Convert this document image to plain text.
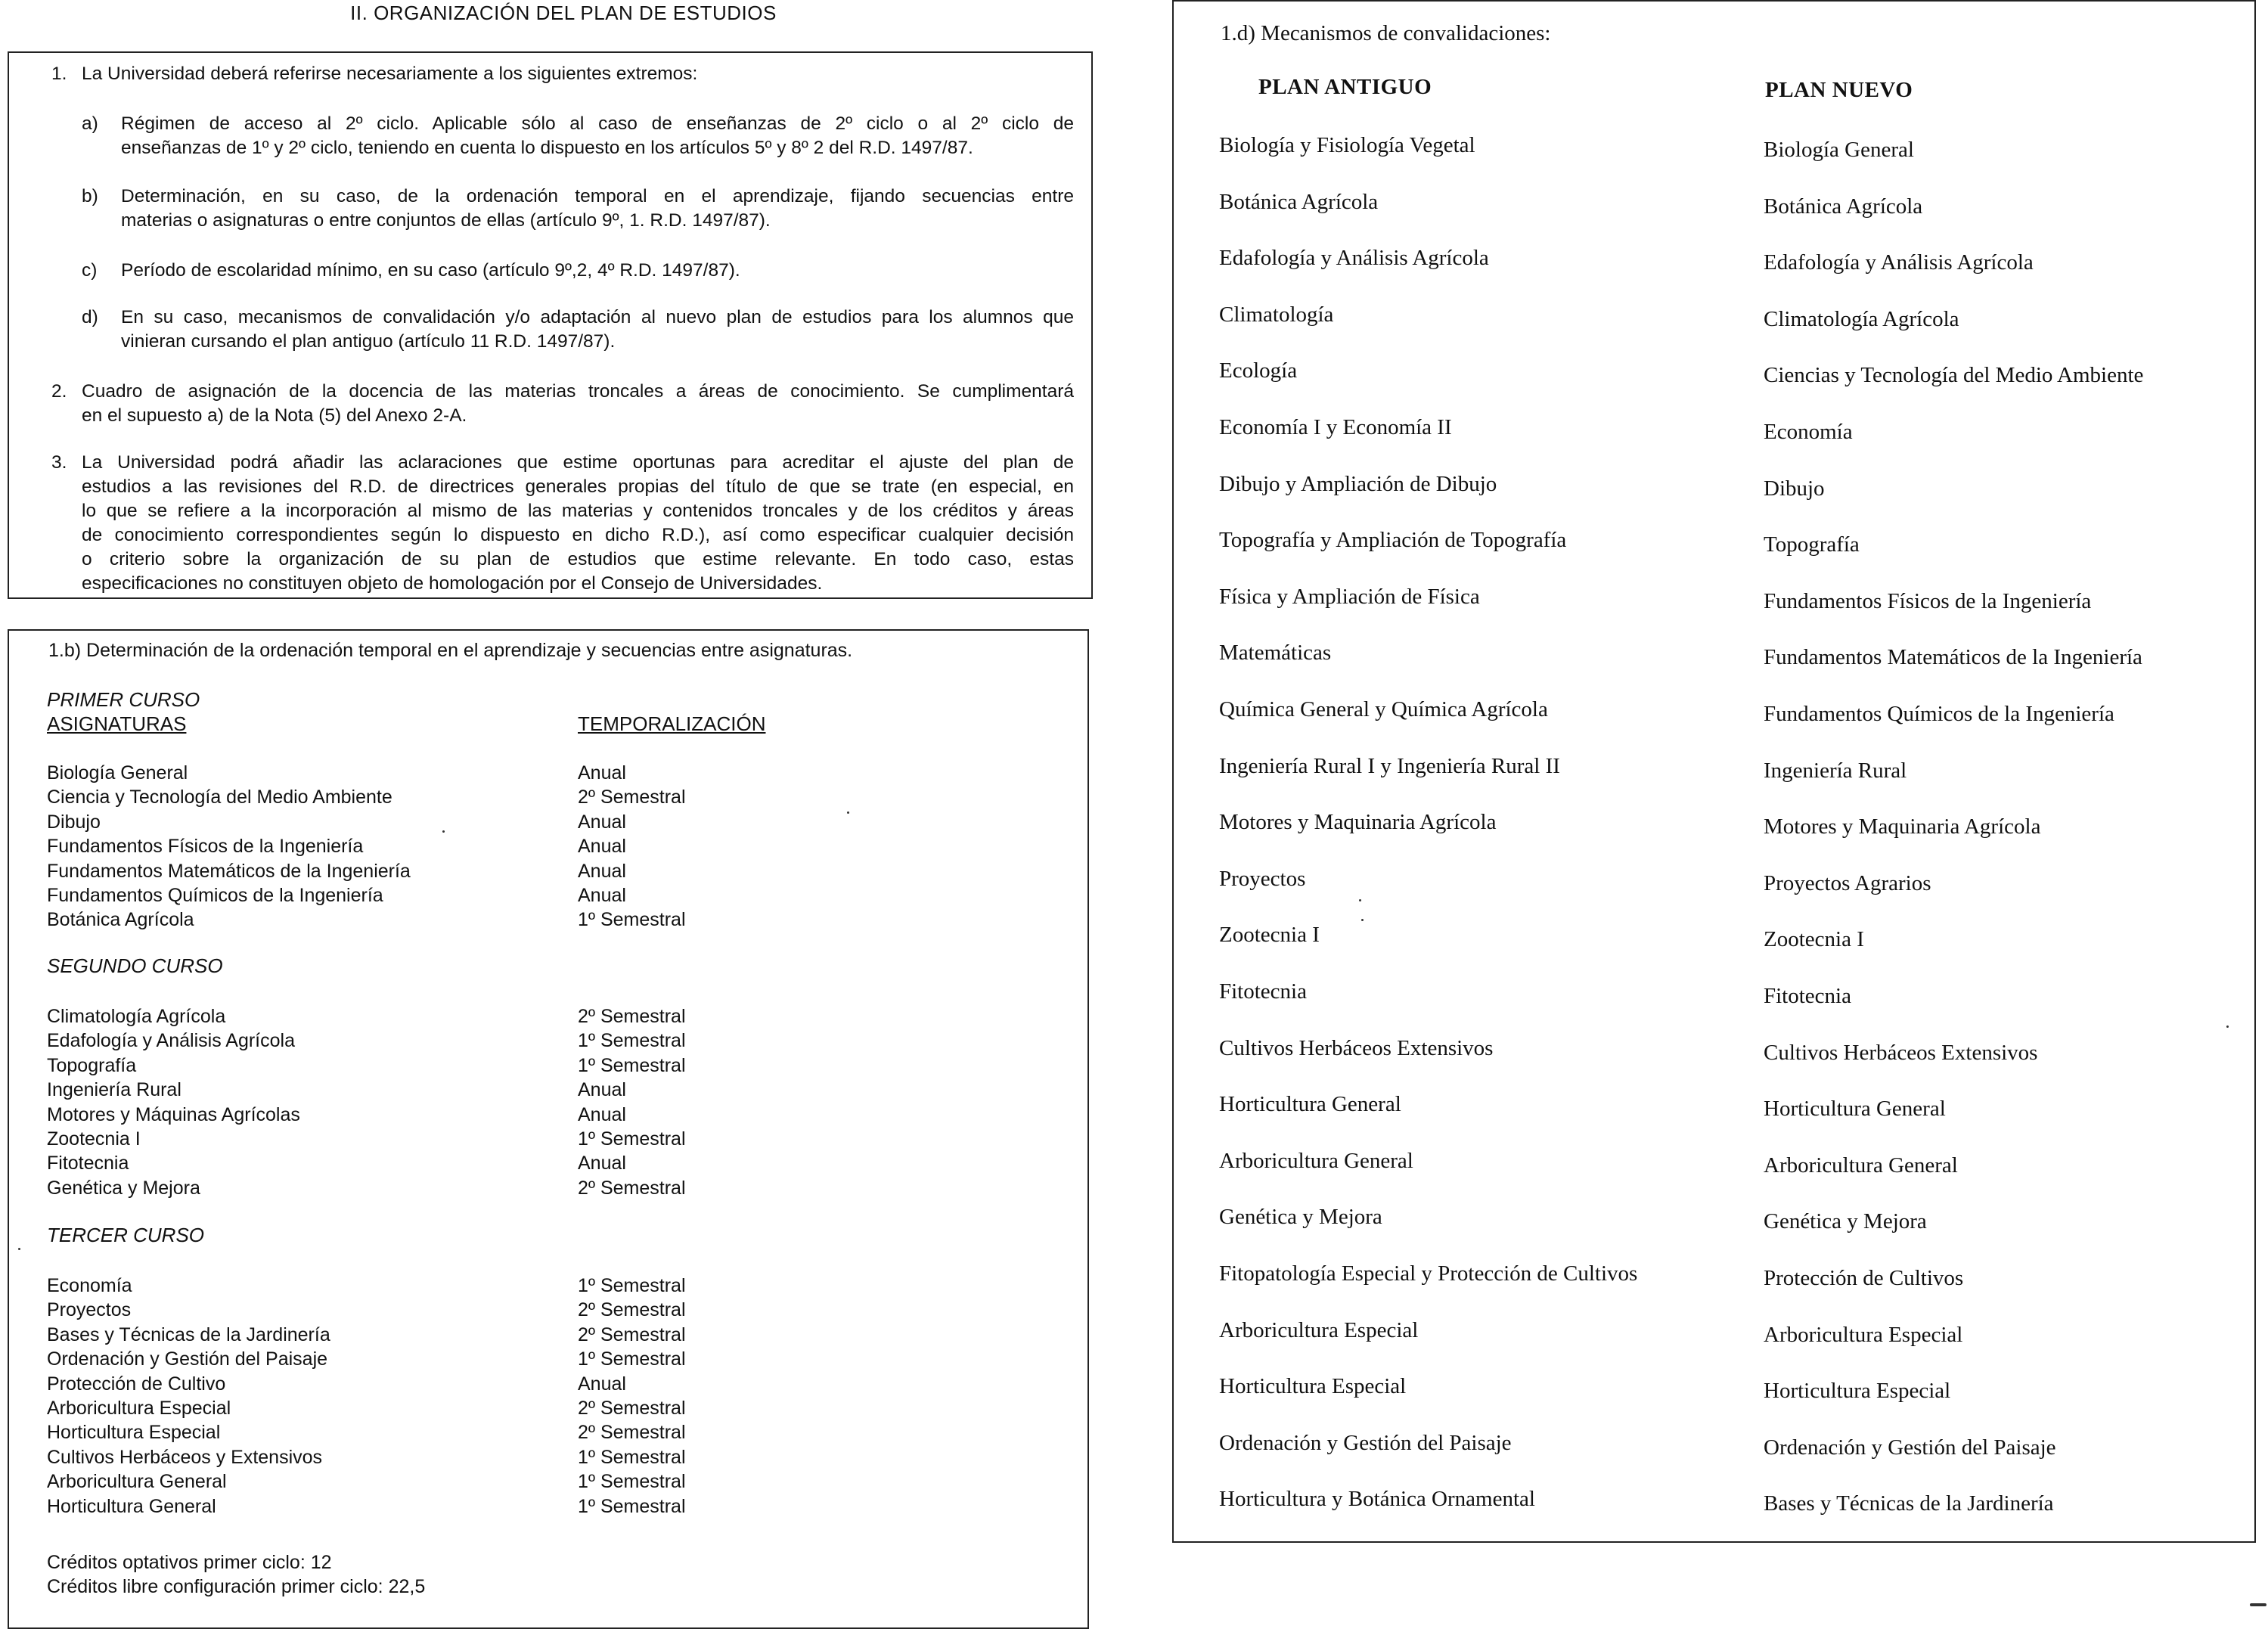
II. ORGANIZACIÓN DEL PLAN DE ESTUDIOS
1. La Universidad deberá referirse necesariamente a los siguientes extremos:
a) Régimen de acceso al 2º ciclo. Aplicable sólo al caso de enseñanzas de 2º ciclo o al 2º ciclo de
enseñanzas de 1º y 2º ciclo, teniendo en cuenta lo dispuesto en los artículos 5º y 8º 2 del R.D. 1497/87.
b) Determinación, en su caso, de la ordenación temporal en el aprendizaje, fijando secuencias entre
materias o asignaturas o entre conjuntos de ellas (artículo 9º, 1. R.D. 1497/87).
c) Período de escolaridad mínimo, en su caso (artículo 9º,2, 4º R.D. 1497/87).
d) En su caso, mecanismos de convalidación y/o adaptación al nuevo plan de estudios para los alumnos que
vinieran cursando el plan antiguo (artículo 11 R.D. 1497/87).
2. Cuadro de asignación de la docencia de las materias troncales a áreas de conocimiento. Se cumplimentará
en el supuesto a) de la Nota (5) del Anexo 2-A.
3. La Universidad podrá añadir las aclaraciones que estime oportunas para acreditar el ajuste del plan de
estudios a las revisiones del R.D. de directrices generales propias del título de que se trate (en especial, en
lo que se refiere a la incorporación al mismo de las materias y contenidos troncales y de los créditos y áreas
de conocimiento correspondientes según lo dispuesto en dicho R.D.), así como especificar cualquier decisión
o criterio sobre la organización de su plan de estudios que estime relevante. En todo caso, estas
especificaciones no constituyen objeto de homologación por el Consejo de Universidades.
1.b) Determinación de la ordenación temporal en el aprendizaje y secuencias entre asignaturas.
PRIMER CURSO
ASIGNATURAS	TEMPORALIZACIÓN
Biología General	Anual
Ciencia y Tecnología del Medio Ambiente	2º Semestral
Dibujo	Anual
Fundamentos Físicos de la Ingeniería	Anual
Fundamentos Matemáticos de la Ingeniería	Anual
Fundamentos Químicos de la Ingeniería	Anual
Botánica Agrícola	1º Semestral
SEGUNDO CURSO
Climatología Agrícola	2º Semestral
Edafología y Análisis Agrícola	1º Semestral
Topografía	1º Semestral
Ingeniería Rural	Anual
Motores y Máquinas Agrícolas	Anual
Zootecnia I	1º Semestral
Fitotecnia	Anual
Genética y Mejora	2º Semestral
TERCER CURSO
Economía	1º Semestral
Proyectos	2º Semestral
Bases y Técnicas de la Jardinería	2º Semestral
Ordenación y Gestión del Paisaje	1º Semestral
Protección de Cultivo	Anual
Arboricultura Especial	2º Semestral
Horticultura Especial	2º Semestral
Cultivos Herbáceos y Extensivos	1º Semestral
Arboricultura General	1º Semestral
Horticultura General	1º Semestral
Créditos optativos primer ciclo: 12
Créditos libre configuración primer ciclo: 22,5
1.d) Mecanismos de convalidaciones:
PLAN ANTIGUO	PLAN NUEVO
Biología y Fisiología Vegetal	Biología General
Botánica Agrícola	Botánica Agrícola
Edafología y Análisis Agrícola	Edafología y Análisis Agrícola
Climatología	Climatología Agrícola
Ecología	Ciencias y Tecnología del Medio Ambiente
Economía I y Economía II	Economía
Dibujo y Ampliación de Dibujo	Dibujo
Topografía y Ampliación de Topografía	Topografía
Física y Ampliación de Física	Fundamentos Físicos de la Ingeniería
Matemáticas	Fundamentos Matemáticos de la Ingeniería
Química General y Química Agrícola	Fundamentos Químicos de la Ingeniería
Ingeniería Rural I y Ingeniería Rural II	Ingeniería Rural
Motores y Maquinaria Agrícola	Motores y Maquinaria Agrícola
Proyectos	Proyectos Agrarios
Zootecnia I	Zootecnia I
Fitotecnia	Fitotecnia
Cultivos Herbáceos Extensivos	Cultivos Herbáceos Extensivos
Horticultura General	Horticultura General
Arboricultura General	Arboricultura General
Genética y Mejora	Genética y Mejora
Fitopatología Especial y Protección de Cultivos	Protección de Cultivos
Arboricultura Especial	Arboricultura Especial
Horticultura Especial	Horticultura Especial
Ordenación y Gestión del Paisaje	Ordenación y Gestión del Paisaje
Horticultura y Botánica Ornamental	Bases y Técnicas de la Jardinería
